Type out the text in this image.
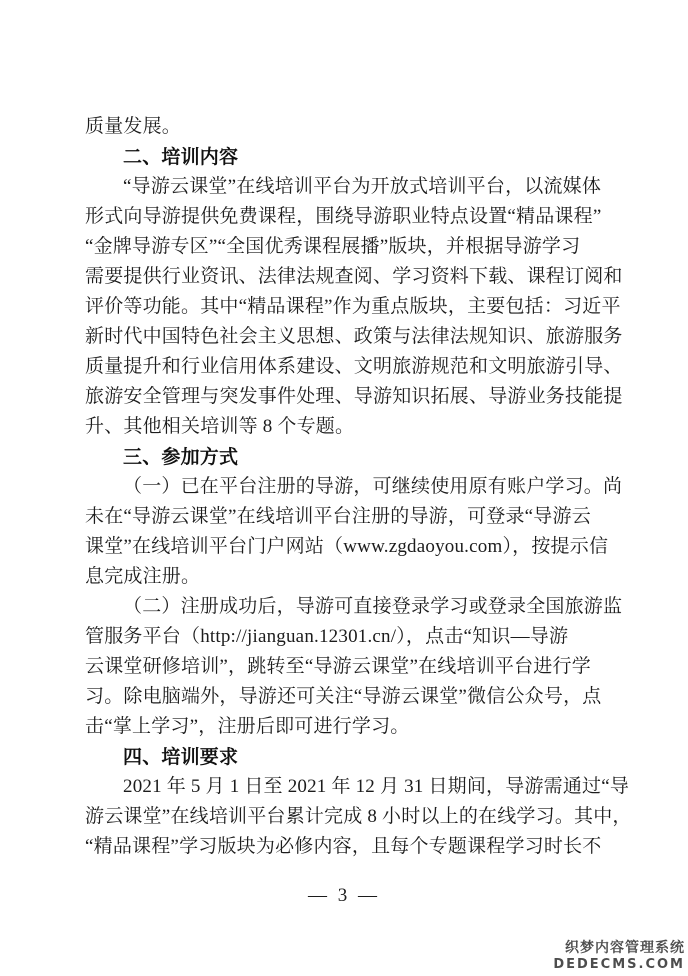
质量发展。
二、培训内容
“导游云课堂”在线培训平台为开放式培训平台，以流媒体
形式向导游提供免费课程，围绕导游职业特点设置“精品课程”
“金牌导游专区”“全国优秀课程展播”版块，并根据导游学习
需要提供行业资讯、法律法规查阅、学习资料下载、课程订阅和
评价等功能。其中“精品课程”作为重点版块，主要包括：习近平
新时代中国特色社会主义思想、政策与法律法规知识、旅游服务
质量提升和行业信用体系建设、文明旅游规范和文明旅游引导、
旅游安全管理与突发事件处理、导游知识拓展、导游业务技能提
升、其他相关培训等 8 个专题。
三、参加方式
（一）已在平台注册的导游，可继续使用原有账户学习。尚
未在“导游云课堂”在线培训平台注册的导游，可登录“导游云
课堂”在线培训平台门户网站（www.zgdaoyou.com），按提示信
息完成注册。
（二）注册成功后，导游可直接登录学习或登录全国旅游监
管服务平台（http://jianguan.12301.cn/），点击“知识—导游
云课堂研修培训”，跳转至“导游云课堂”在线培训平台进行学
习。除电脑端外，导游还可关注“导游云课堂”微信公众号，点
击“掌上学习”，注册后即可进行学习。
四、培训要求
2021 年 5 月 1 日至 2021 年 12 月 31 日期间，导游需通过“导
游云课堂”在线培训平台累计完成 8 小时以上的在线学习。其中，
“精品课程”学习版块为必修内容，且每个专题课程学习时长不
— 3 —
织梦内容管理系统
DEDECMS.COM
